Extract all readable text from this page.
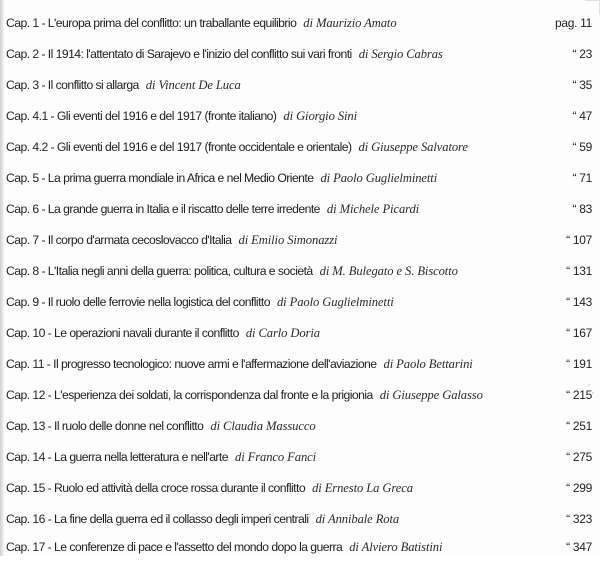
Cap. 1 - L'europa prima del conflitto: un traballante equilibrio di Maurizio Amato	pag. 11
Cap. 2 - Il 1914: l'attentato di Sarajevo e l'inizio del conflitto sui vari fronti di Sergio Cabras	“ 23
Cap. 3 - Il conflitto si allarga di Vincent De Luca	“ 35
Cap. 4.1 - Gli eventi del 1916 e del 1917 (fronte italiano) di Giorgio Sini	“ 47
Cap. 4.2 - Gli eventi del 1916 e del 1917 (fronte occidentale e orientale) di Giuseppe Salvatore	“ 59
Cap. 5 - La prima guerra mondiale in Africa e nel Medio Oriente di Paolo Guglielminetti	“ 71
Cap. 6 - La grande guerra in Italia e il riscatto delle terre irredente di Michele Picardi	“ 83
Cap. 7 - Il corpo d'armata cecoslovacco d'Italia di Emilio Simonazzi	“ 107
Cap. 8 - L'Italia negli anni della guerra: politica, cultura e società di M. Bulegato e S. Biscotto	“ 131
Cap. 9 - Il ruolo delle ferrovie nella logistica del conflitto di Paolo Guglielminetti	“ 143
Cap. 10 - Le operazioni navali durante il conflitto di Carlo Doria	“ 167
Cap. 11 - Il progresso tecnologico: nuove armi e l'affermazione dell'aviazione di Paolo Bettarini	“ 191
Cap. 12 - L'esperienza dei soldati, la corrispondenza dal fronte e la prigionia di Giuseppe Galasso	“ 215
Cap. 13 - Il ruolo delle donne nel conflitto di Claudia Massucco	“ 251
Cap. 14 - La guerra nella letteratura e nell'arte di Franco Fanci	“ 275
Cap. 15 - Ruolo ed attività della croce rossa durante il conflitto di Ernesto La Greca	“ 299
Cap. 16 - La fine della guerra ed il collasso degli imperi centrali di Annibale Rota	“ 323
Cap. 17 - Le conferenze di pace e l'assetto del mondo dopo la guerra di Alviero Batistini	“ 347
